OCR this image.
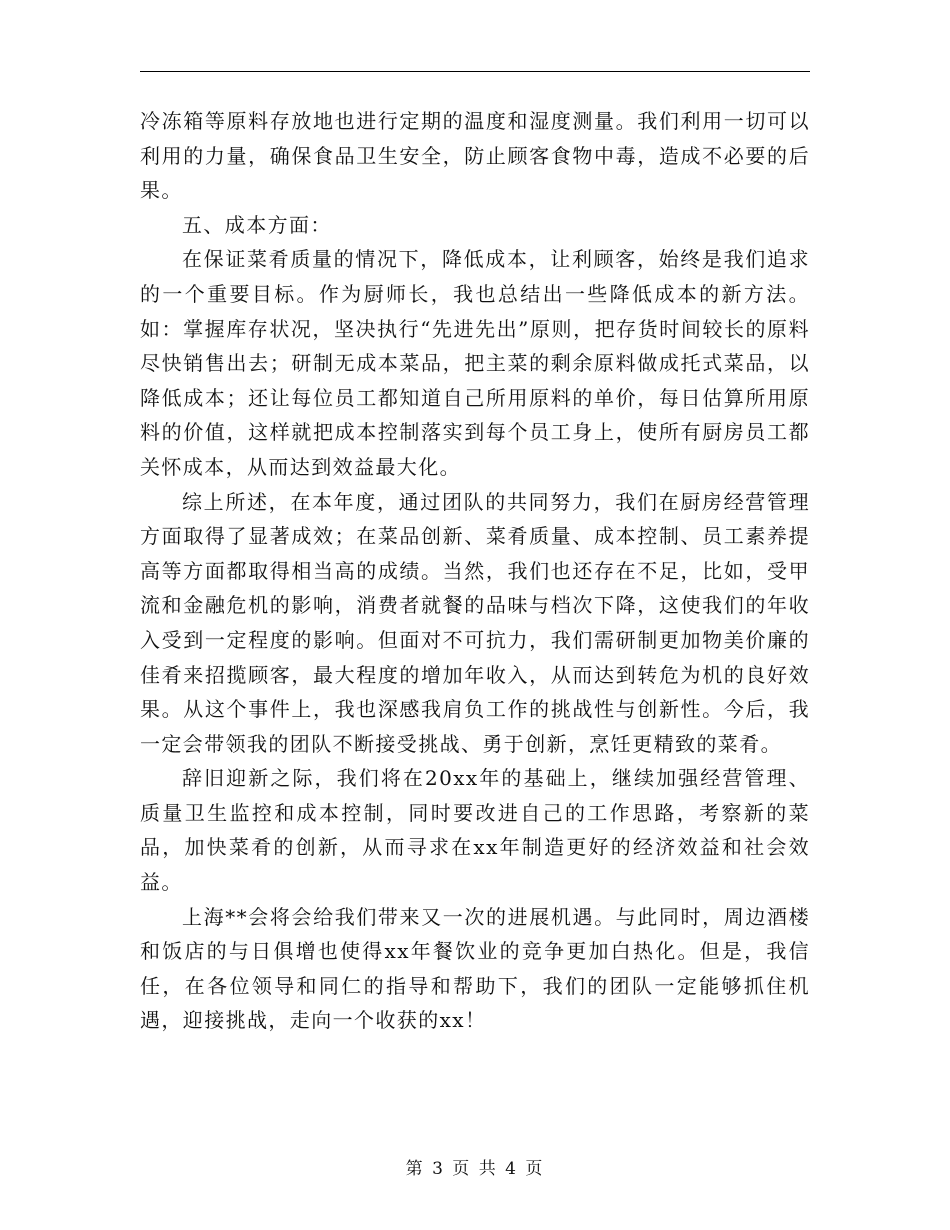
冷冻箱等原料存放地也进行定期的温度和湿度测量。我们利用一切可以利用的力量，确保食品卫生安全，防止顾客食物中毒，造成不必要的后果。

五、成本方面：

在保证菜肴质量的情况下，降低成本，让利顾客，始终是我们追求的一个重要目标。作为厨师长，我也总结出一些降低成本的新方法。如：掌握库存状况，坚决执行“先进先出”原则，把存货时间较长的原料尽快销售出去；研制无成本菜品，把主菜的剩余原料做成托式菜品，以降低成本；还让每位员工都知道自己所用原料的单价，每日估算所用原料的价值，这样就把成本控制落实到每个员工身上，使所有厨房员工都关怀成本，从而达到效益最大化。

综上所述，在本年度，通过团队的共同努力，我们在厨房经营管理方面取得了显著成效；在菜品创新、菜肴质量、成本控制、员工素养提高等方面都取得相当高的成绩。当然，我们也还存在不足，比如，受甲流和金融危机的影响，消费者就餐的品味与档次下降，这使我们的年收入受到一定程度的影响。但面对不可抗力，我们需研制更加物美价廉的佳肴来招揽顾客，最大程度的增加年收入，从而达到转危为机的良好效果。从这个事件上，我也深感我肩负工作的挑战性与创新性。今后，我一定会带领我的团队不断接受挑战、勇于创新，烹饪更精致的菜肴。

辞旧迎新之际，我们将在20xx年的基础上，继续加强经营管理、质量卫生监控和成本控制，同时要改进自己的工作思路，考察新的菜品，加快菜肴的创新，从而寻求在xx年制造更好的经济效益和社会效益。

上海**会将会给我们带来又一次的进展机遇。与此同时，周边酒楼和饭店的与日俱增也使得xx年餐饮业的竞争更加白热化。但是，我信任，在各位领导和同仁的指导和帮助下，我们的团队一定能够抓住机遇，迎接挑战，走向一个收获的xx！

第 3 页 共 4 页
